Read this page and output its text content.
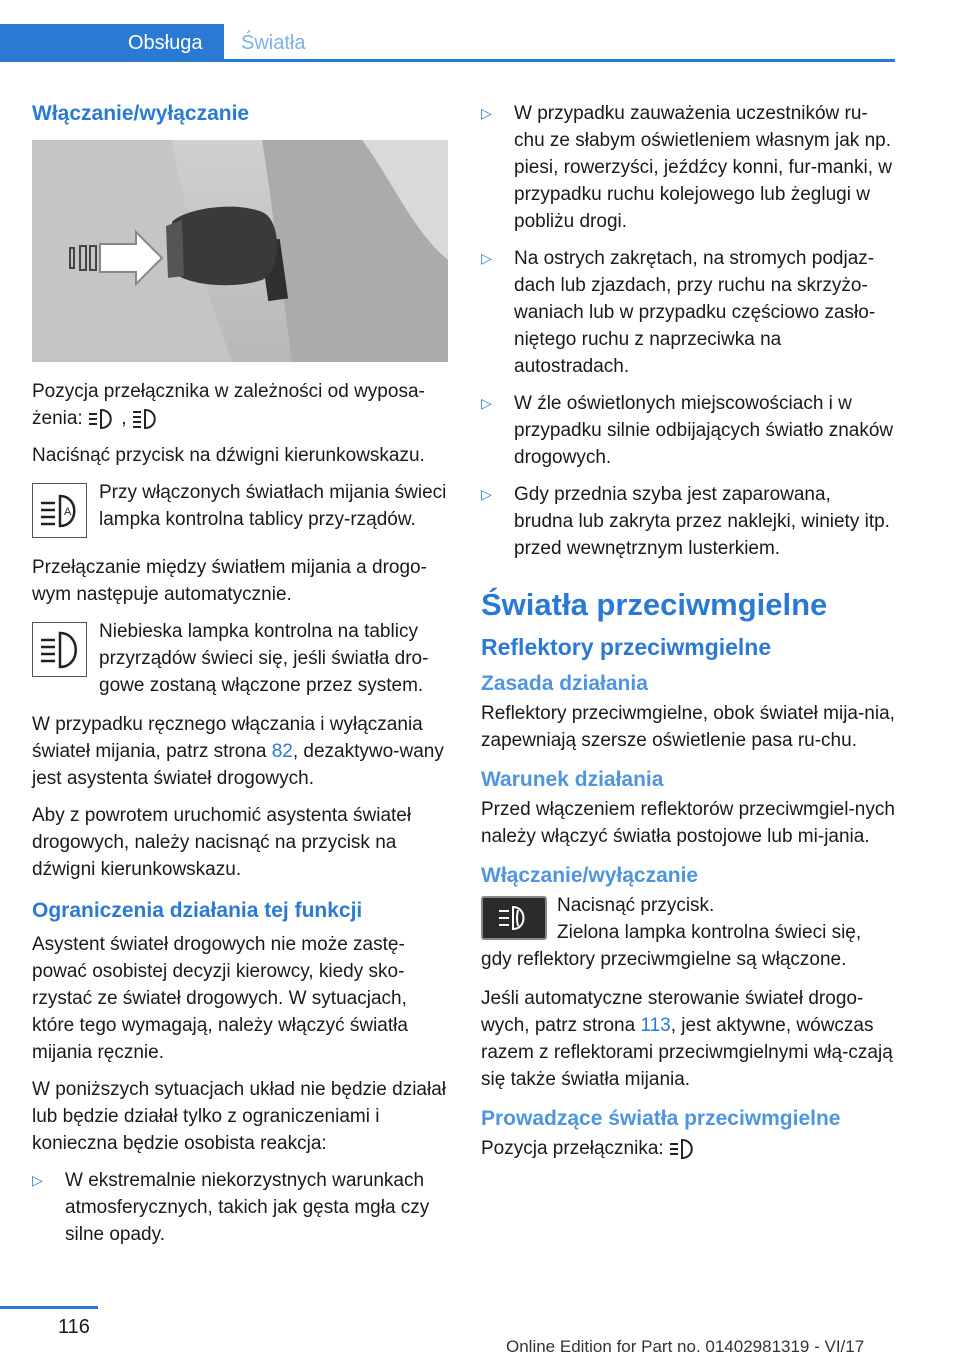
Obsługa Światła
Włączanie/wyłączanie

Pozycja przełącznika w zależności od wyposa-żenia: ,

Naciśnąć przycisk na dźwigni kierunkowskazu.

A

Przy włączonych światłach mijania świeci lampka kontrolna tablicy przy-rządów.

Przełączanie między światłem mijania a drogo-wym następuje automatycznie.

Niebieska lampka kontrolna na tablicy przyrządów świeci się, jeśli światła dro-gowe zostaną włączone przez system.

W przypadku ręcznego włączania i wyłączania świateł mijania, patrz strona 82, dezaktywo-wany jest asystenta świateł drogowych.

Aby z powrotem uruchomić asystenta świateł drogowych, należy nacisnąć na przycisk na dźwigni kierunkowskazu.

Ograniczenia działania tej funkcji

Asystent świateł drogowych nie może zastę-pować osobistej decyzji kierowcy, kiedy sko-rzystać ze świateł drogowych. W sytuacjach, które tego wymagają, należy włączyć światła mijania ręcznie.

W poniższych sytuacjach układ nie będzie działał lub będzie działał tylko z ograniczeniami i konieczna będzie osobista reakcja:

▷ W ekstremalnie niekorzystnych warunkach atmosferycznych, takich jak gęsta mgła czy silne opady.
▷ W przypadku zauważenia uczestników ru-chu ze słabym oświetleniem własnym jak np. piesi, rowerzyści, jeźdźcy konni, fur-manki, w przypadku ruchu kolejowego lub żeglugi w pobliżu drogi.
▷ Na ostrych zakrętach, na stromych podjaz-dach lub zjazdach, przy ruchu na skrzyżo-waniach lub w przypadku częściowo zasło-niętego ruchu z naprzeciwka na autostradach.
▷ W źle oświetlonych miejscowościach i w przypadku silnie odbijających światło znaków drogowych.
▷ Gdy przednia szyba jest zaparowana, brudna lub zakryta przez naklejki, winiety itp. przed wewnętrznym lusterkiem.
Światła przeciwmgielne
Reflektory przeciwmgielne
Zasada działania

Reflektory przeciwmgielne, obok świateł mija-nia, zapewniają szersze oświetlenie pasa ru-chu.

Warunek działania

Przed włączeniem reflektorów przeciwmgiel-nych należy włączyć światła postojowe lub mi-jania.

Włączanie/wyłączanie

Nacisnąć przycisk.

Zielona lampka kontrolna świeci się, gdy reflektory przeciwmgielne są włączone.

Jeśli automatyczne sterowanie świateł drogo-wych, patrz strona 113, jest aktywne, wówczas razem z reflektorami przeciwmgielnymi włą-czają się także światła mijania.

Prowadzące światła przeciwmgielne

Pozycja przełącznika:

116
Online Edition for Part no. 01402981319 - VI/17
